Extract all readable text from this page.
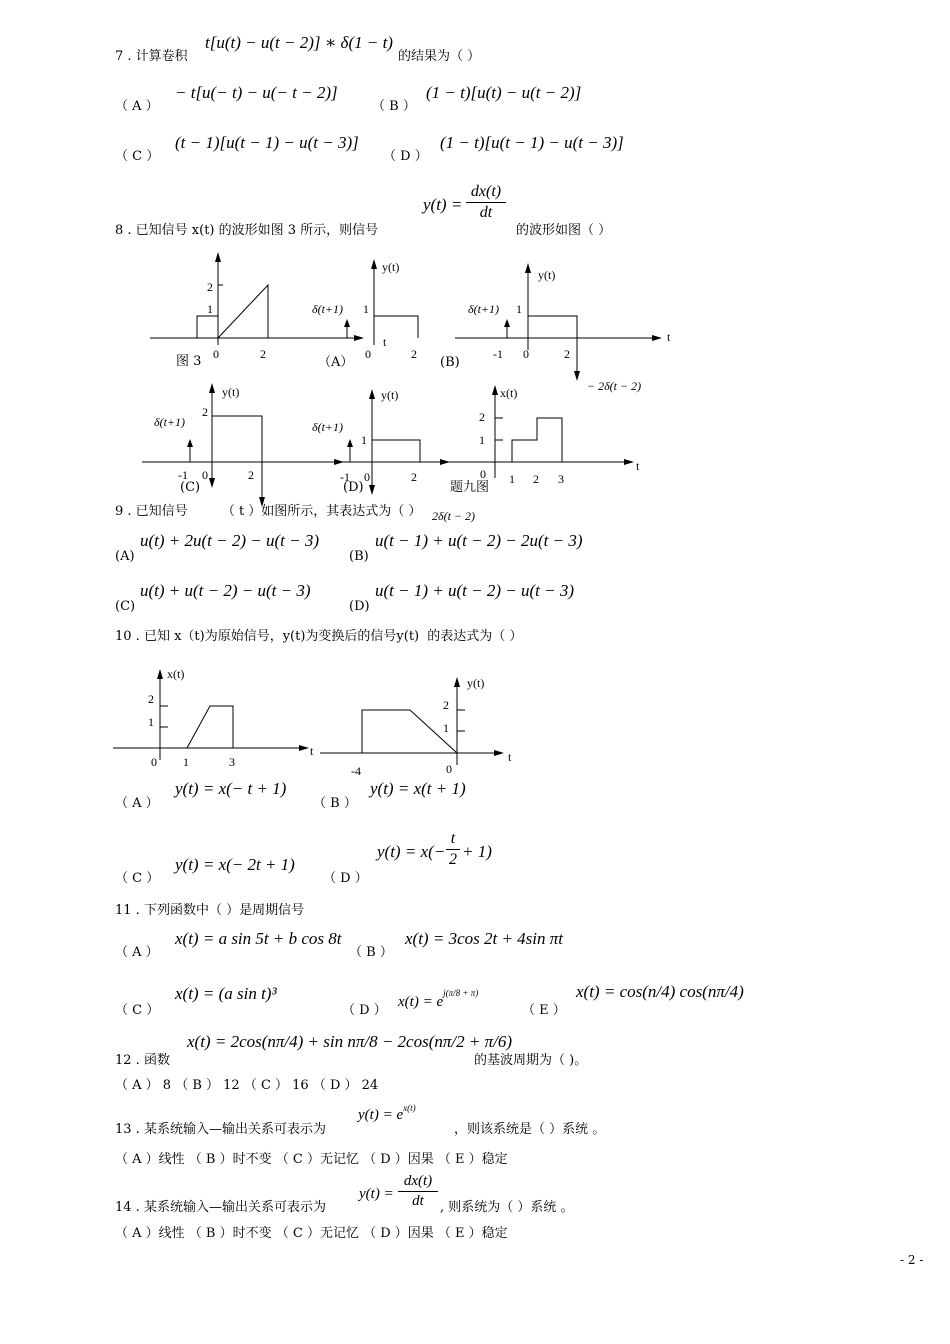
7 . 计算卷积
t[u(t) − u(t − 2)] ∗ δ(1 − t)
的结果为（ ）
（ A ）
− t[u(− t) − u(− t − 2)]
（ B ）
(1 − t)[u(t) − u(t − 2)]
（ C ）
(t − 1)[u(t − 1) − u(t − 3)]
（ D ）
(1 − t)[u(t − 1) − u(t − 3)]
y(t) =
dx(t)
dt
8 . 已知信号 x(t) 的波形如图 3 所示，则信号	的波形如图（ ）
2
1
0	2
y(t)
1
δ(t+1)
t
0	2
y(t)
1
δ(t+1)
t
-1 0	2
− 2δ(t − 2)
图 3	（A）	(B)
y(t)
2
δ(t+1)
-1 0	2
y(t)
1
δ(t+1)
-1 0	2
x(t)
2
1
t
0 1 2 3
2δ(t − 2)
(C)	(D)	题九图
9 . 已知信号	（ t ）如图所示，其表达式为（ ）
(A)
u(t) + 2u(t − 2) − u(t − 3)
(B)
u(t − 1) + u(t − 2) − 2u(t − 3)
(C)
u(t) + u(t − 2) − u(t − 3)
(D)
u(t − 1) + u(t − 2) − u(t − 3)
10 . 已知 x（t)为原始信号，y(t)为变换后的信号y(t) 的表达式为（ ）
x(t)
2
1
t
0 1	3
y(t)
2
1
t
-4	0
（ A ）
y(t) = x(− t + 1)
（ B ）
y(t) = x(t + 1)
（ C ）
y(t) = x(− 2t + 1)
（ D ）
y(t) = x(−
t
2 + 1)
11 . 下列函数中（ ）是周期信号
（ A ）
x(t) = a sin 5t + b cos 8t
（ B ）
x(t) = 3cos 2t + 4sin πt
（ C ）
x(t) = (a sin t)³
（ D ）
$x(t) = e^{j(\pi/8 + \pi)}$
（ E ）
x(t) = cos(n/4) cos(nπ/4)
x(t) = 2cos(nπ/4) + sin nπ/8 − 2cos(nπ/2 + π/6)
12 . 函数	的基波周期为（ )。
（ A ） 8 （ B ） 12 （ C ） 16 （ D ） 24
$y(t) = e^{x(t)}$
13 . 某系统输入—输出关系可表示为	，则该系统是（ ）系统 。
（ A ）线性 （ B ）时不变 （ C ）无记忆 （ D ）因果 （ E ）稳定
y(t) =
dx(t)
dt
14 . 某系统输入—输出关系可表示为	, 则系统为（ ）系统 。
（ A ）线性 （ B ）时不变 （ C ）无记忆 （ D ）因果 （ E ）稳定
- 2 -
